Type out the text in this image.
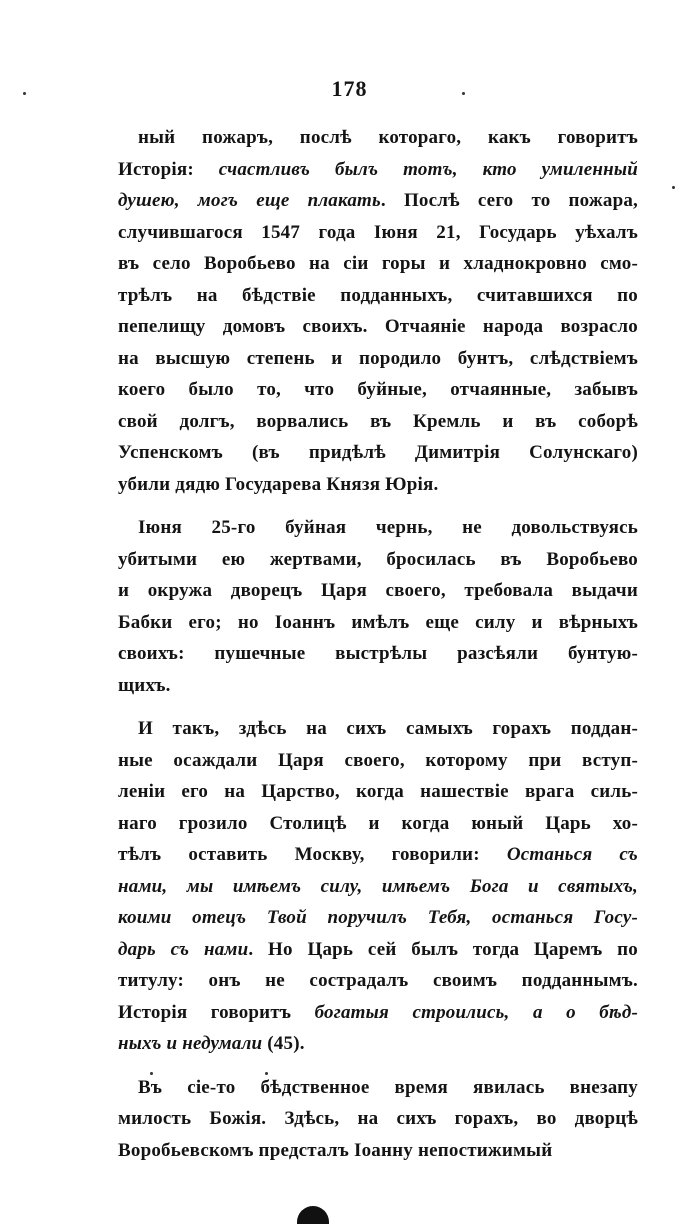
178
ный пожаръ, послѣ котораго, какъ говоритъ
Исторія: счастливъ былъ тотъ, кто умиленный
душею, могъ еще плакать. Послѣ сего то пожара,
случившагося 1547 года Іюня 21, Государь уѣхалъ
въ село Воробьево на сіи горы и хладнокровно смо-
трѣлъ на бѣдствіе подданныхъ, считавшихся по
пепелищу домовъ своихъ. Отчаяніе народа возрасло
на высшую степень и породило бунтъ, слѣдствіемъ
коего было то, что буйные, отчаянные, забывъ
свой долгъ, ворвались въ Кремль и въ соборѣ
Успенскомъ (въ придѣлѣ Димитрія Солунскаго)
убили дядю Государева Князя Юрія.
Іюня 25-го буйная чернь, не довольствуясь
убитыми ею жертвами, бросилась въ Воробьево
и окружа дворецъ Царя своего, требовала выдачи
Бабки его; но Іоаннъ имѣлъ еще силу и вѣрныхъ
своихъ: пушечные выстрѣлы разсѣяли бунтую-
щихъ.
И такъ, здѣсь на сихъ самыхъ горахъ поддан-
ные осаждали Царя своего, которому при вступ-
леніи его на Царство, когда нашествіе врага силь-
наго грозило Столицѣ и когда юный Царь хо-
тѣлъ оставить Москву, говорили: Останься съ
нами, мы имѣемъ силу, имѣемъ Бога и святыхъ,
коими отецъ Твой поручилъ Тебя, останься Госу-
дарь съ нами. Но Царь сей былъ тогда Царемъ по
титулу: онъ не сострадалъ своимъ подданнымъ.
Исторія говоритъ богатыя строились, а о бѣд-
ныхъ и недумали (45).
Въ сіе-то бѣдственное время явилась внезапу
милость Божія. Здѣсь, на сихъ горахъ, во дворцѣ
Воробьевскомъ предсталъ Іоанну непостижимый
